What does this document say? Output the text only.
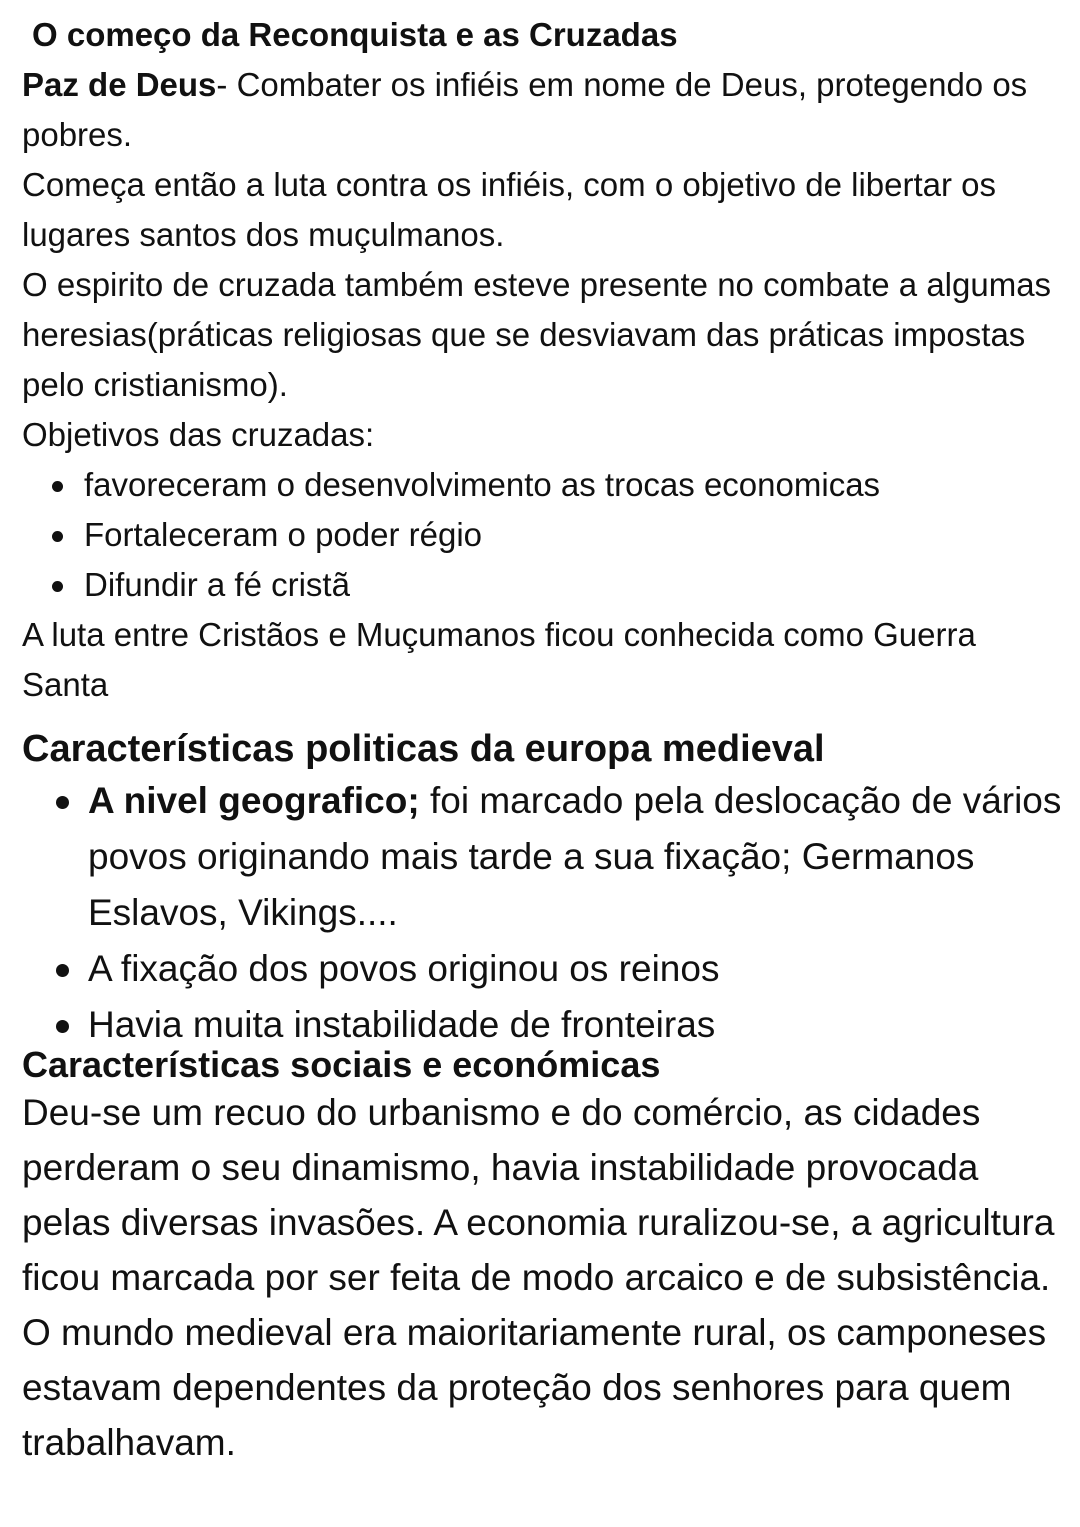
O começo da Reconquista e as Cruzadas

Paz de Deus- Combater os infiéis em nome de Deus, protegendo os pobres.

Começa então a luta contra os infiéis, com o objetivo de libertar os lugares santos dos muçulmanos.

O espirito de cruzada também esteve presente no combate a algumas heresias(práticas religiosas que se desviavam das práticas impostas pelo cristianismo).

Objetivos das cruzadas:

favoreceram o desenvolvimento as trocas economicas
Fortaleceram o poder régio
Difundir a fé cristã

A luta entre Cristãos e Muçumanos ficou conhecida como Guerra Santa

Características politicas da europa medieval
A nivel geografico; foi marcado pela deslocação de vários povos originando mais tarde a sua fixação; Germanos Eslavos, Vikings....
A fixação dos povos originou os reinos
Havia muita instabilidade de fronteiras
Características sociais e económicas

Deu-se um recuo do urbanismo e do comércio, as cidades perderam o seu dinamismo, havia instabilidade provocada pelas diversas invasões. A economia ruralizou-se, a agricultura ficou marcada por ser feita de modo arcaico e de subsistência. O mundo medieval era maioritariamente rural, os camponeses estavam dependentes da proteção dos senhores para quem trabalhavam.
